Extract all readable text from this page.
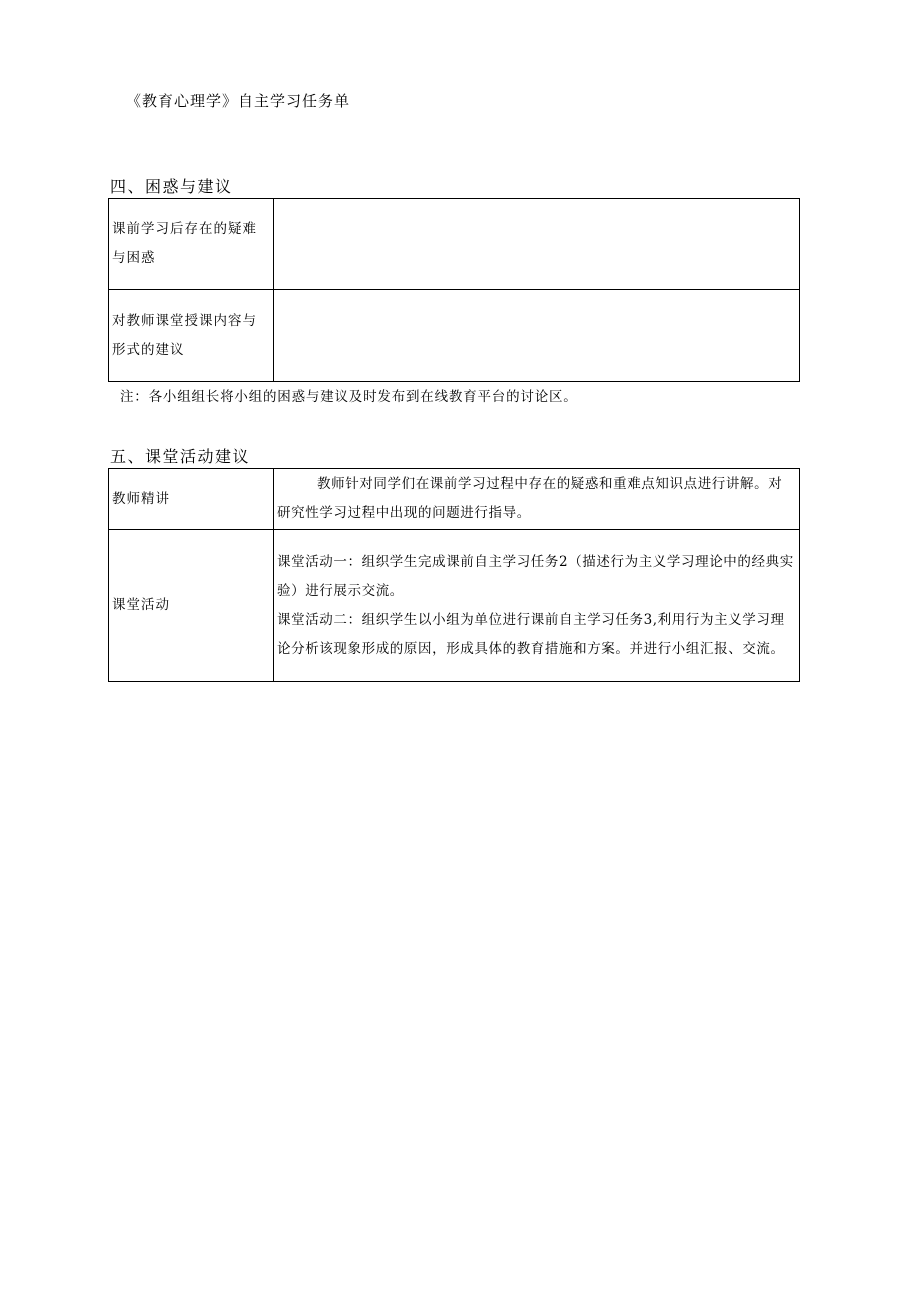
《教育心理学》自主学习任务单
四、困惑与建议
课前学习后存在的疑难与困惑	
对教师课堂授课内容与形式的建议	
注：各小组组长将小组的困惑与建议及时发布到在线教育平台的讨论区。
五、课堂活动建议
教师精讲	教师针对同学们在课前学习过程中存在的疑惑和重难点知识点进行讲解。对研究性学习过程中出现的问题进行指导。

课堂活动	课堂活动一：组织学生完成课前自主学习任务2（描述行为主义学习理论中的经典实验）进行展示交流。
课堂活动二：组织学生以小组为单位进行课前自主学习任务3,利用行为主义学习理论分析该现象形成的原因，形成具体的教育措施和方案。并进行小组汇报、交流。
